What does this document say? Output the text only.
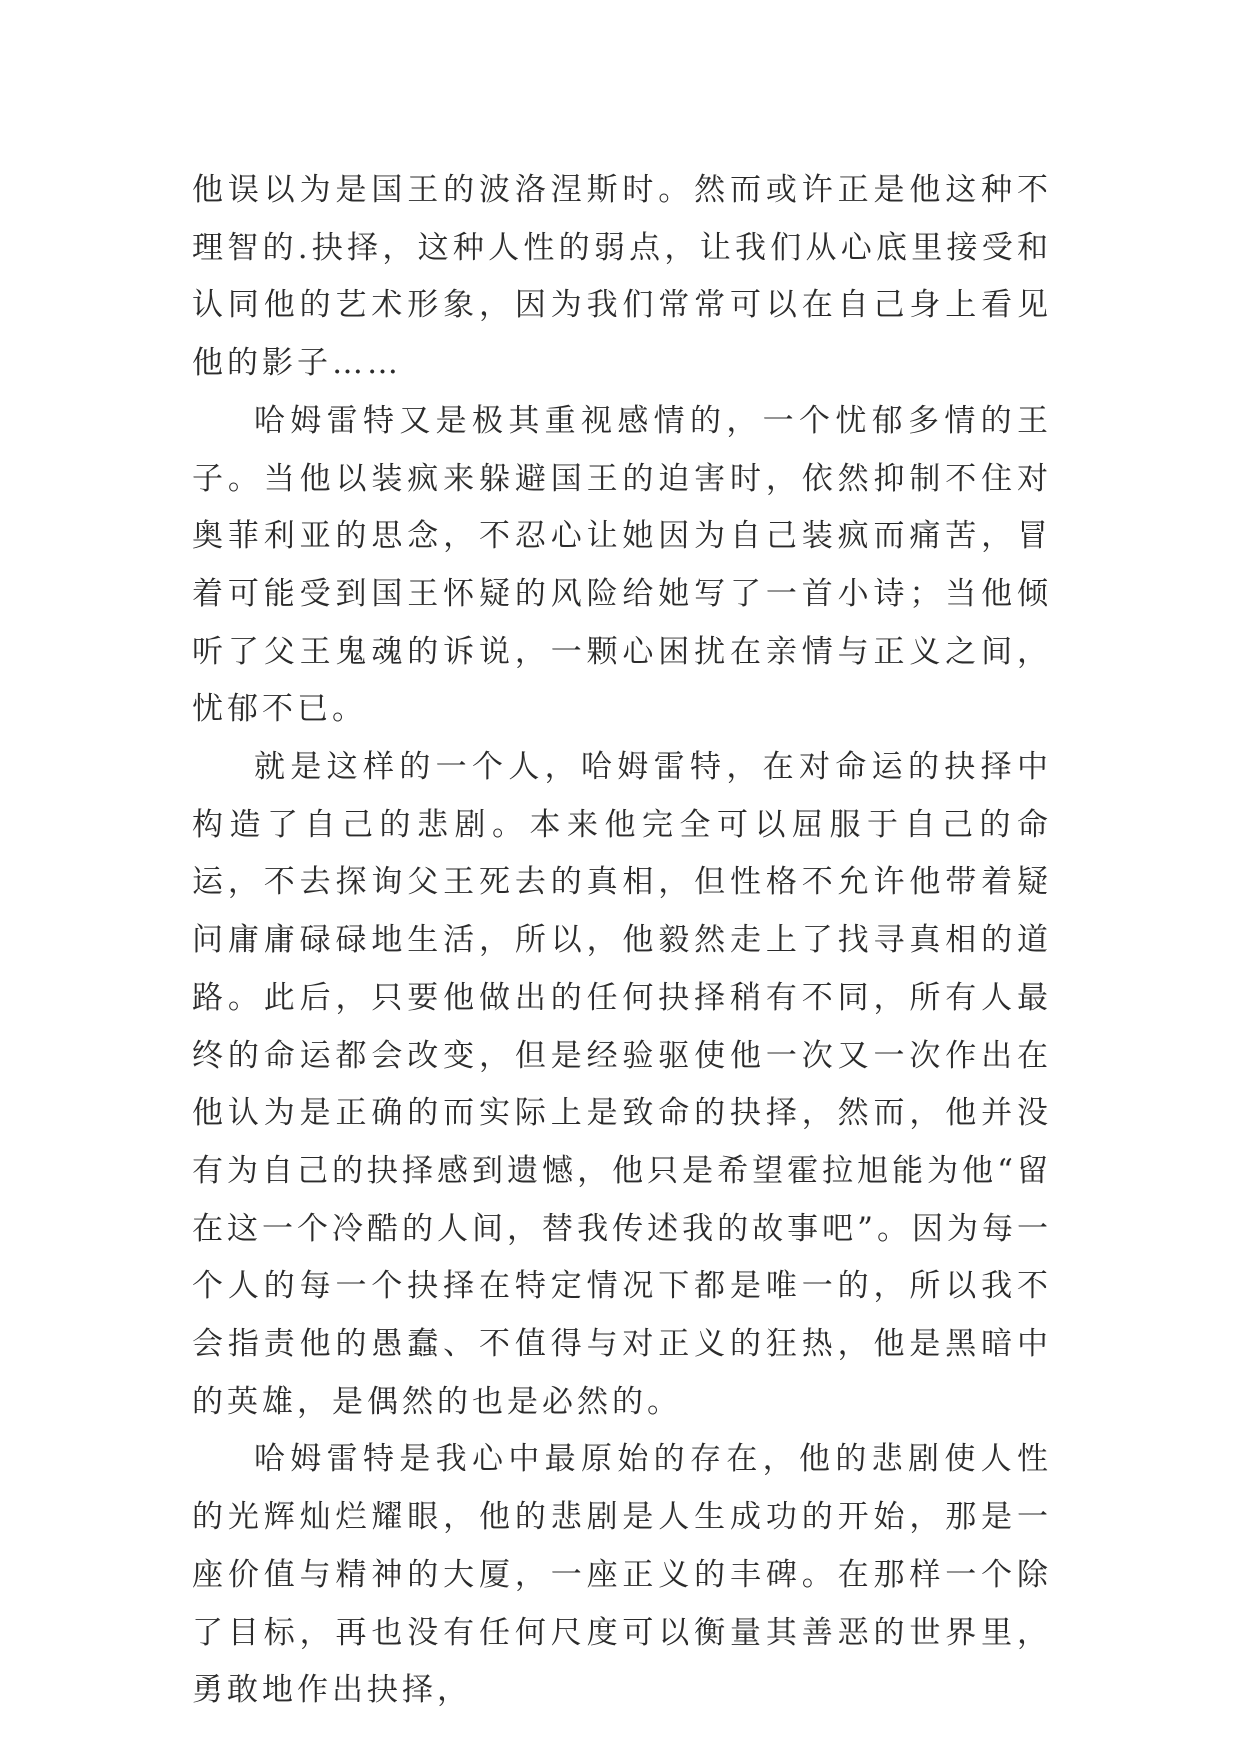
他误以为是国王的波洛涅斯时。然而或许正是他这种不理智的.抉择，这种人性的弱点，让我们从心底里接受和认同他的艺术形象，因为我们常常可以在自己身上看见他的影子……

哈姆雷特又是极其重视感情的，一个忧郁多情的王子。当他以装疯来躲避国王的迫害时，依然抑制不住对奥菲利亚的思念，不忍心让她因为自己装疯而痛苦，冒着可能受到国王怀疑的风险给她写了一首小诗；当他倾听了父王鬼魂的诉说，一颗心困扰在亲情与正义之间，忧郁不已。

就是这样的一个人，哈姆雷特，在对命运的抉择中构造了自己的悲剧。本来他完全可以屈服于自己的命运，不去探询父王死去的真相，但性格不允许他带着疑问庸庸碌碌地生活，所以，他毅然走上了找寻真相的道路。此后，只要他做出的任何抉择稍有不同，所有人最终的命运都会改变，但是经验驱使他一次又一次作出在他认为是正确的而实际上是致命的抉择，然而，他并没有为自己的抉择感到遗憾，他只是希望霍拉旭能为他“留在这一个冷酷的人间，替我传述我的故事吧”。因为每一个人的每一个抉择在特定情况下都是唯一的，所以我不会指责他的愚蠢、不值得与对正义的狂热，他是黑暗中的英雄，是偶然的也是必然的。

哈姆雷特是我心中最原始的存在，他的悲剧使人性的光辉灿烂耀眼，他的悲剧是人生成功的开始，那是一座价值与精神的大厦，一座正义的丰碑。在那样一个除了目标，再也没有任何尺度可以衡量其善恶的世界里，勇敢地作出抉择，
